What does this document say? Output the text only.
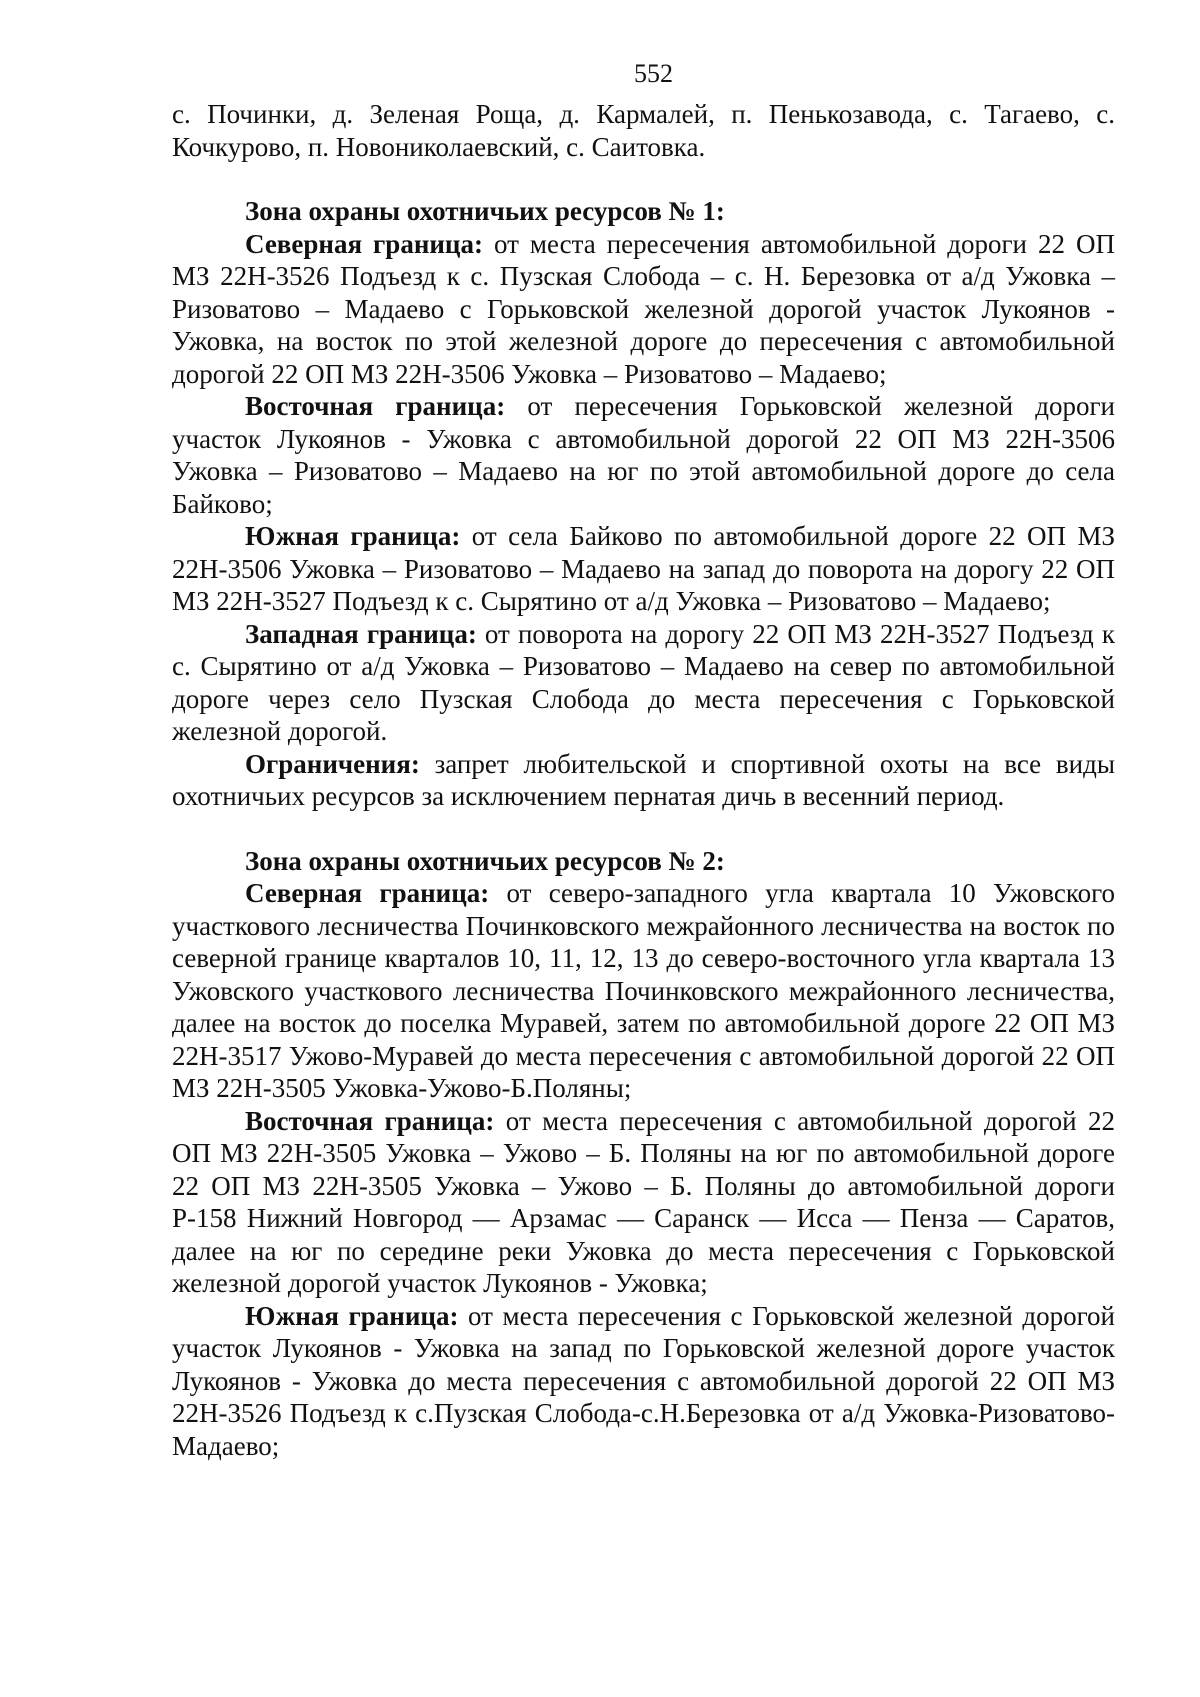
552

с. Починки, д. Зеленая Роща, д. Кармалей, п. Пенькозавода, с. Тагаево, с. Кочкурово, п. Новониколаевский, с. Саитовка.

Зона охраны охотничьих ресурсов № 1:

Северная граница: от места пересечения автомобильной дороги 22 ОП МЗ 22Н-3526 Подъезд к с. Пузская Слобода – с. Н. Березовка от а/д Ужовка – Ризоватово – Мадаево с Горьковской железной дорогой участок Лукоянов - Ужовка, на восток по этой железной дороге до пересечения с автомобильной дорогой 22 ОП МЗ 22Н-3506 Ужовка – Ризоватово – Мадаево;

Восточная граница: от пересечения Горьковской железной дороги участок Лукоянов - Ужовка с автомобильной дорогой 22 ОП МЗ 22Н-3506 Ужовка – Ризоватово – Мадаево на юг по этой автомобильной дороге до села Байково;

Южная граница: от села Байково по автомобильной дороге 22 ОП МЗ 22Н-3506 Ужовка – Ризоватово – Мадаево на запад до поворота на дорогу 22 ОП МЗ 22Н-3527 Подъезд к с. Сырятино от а/д Ужовка – Ризоватово – Мадаево;

Западная граница: от поворота на дорогу 22 ОП МЗ 22Н-3527 Подъезд к с. Сырятино от а/д Ужовка – Ризоватово – Мадаево на север по автомобильной дороге через село Пузская Слобода до места пересечения с Горьковской железной дорогой.

Ограничения: запрет любительской и спортивной охоты на все виды охотничьих ресурсов за исключением пернатая дичь в весенний период.

Зона охраны охотничьих ресурсов № 2:

Северная граница: от северо-западного угла квартала 10 Ужовского участкового лесничества Починковского межрайонного лесничества на восток по северной границе кварталов 10, 11, 12, 13 до северо-восточного угла квартала 13 Ужовского участкового лесничества Починковского межрайонного лесничества, далее на восток до поселка Муравей, затем по автомобильной дороге 22 ОП МЗ 22Н-3517 Ужово-Муравей до места пересечения с автомобильной дорогой 22 ОП МЗ 22Н-3505 Ужовка-Ужово-Б.Поляны;

Восточная граница: от места пересечения с автомобильной дорогой 22 ОП МЗ 22Н-3505 Ужовка – Ужово – Б. Поляны на юг по автомобильной дороге 22 ОП МЗ 22Н-3505 Ужовка – Ужово – Б. Поляны до автомобильной дороги Р-158 Нижний Новгород — Арзамас — Саранск — Исса — Пенза — Саратов, далее на юг по середине реки Ужовка до места пересечения с Горьковской железной дорогой участок Лукоянов - Ужовка;

Южная граница: от места пересечения с Горьковской железной дорогой участок Лукоянов - Ужовка на запад по Горьковской железной дороге участок Лукоянов - Ужовка до места пересечения с автомобильной дорогой 22 ОП МЗ 22Н-3526 Подъезд к с.Пузская Слобода-с.Н.Березовка от а/д Ужовка-Ризоватово-Мадаево;
